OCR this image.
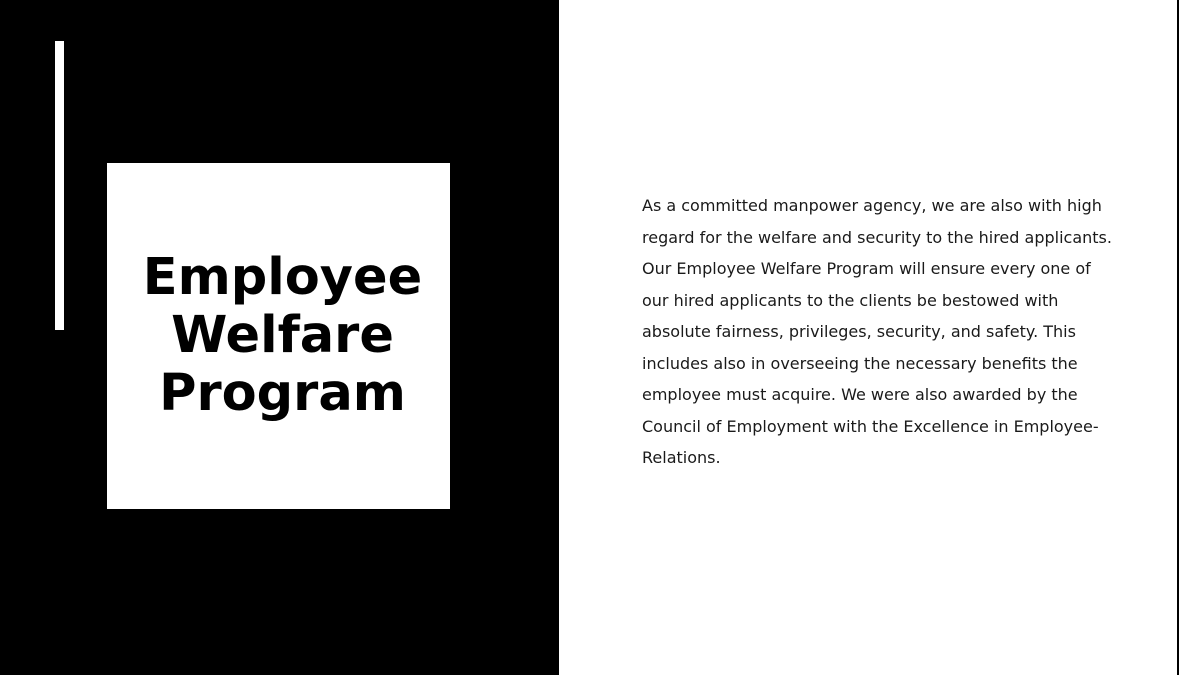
Employee
Welfare
Program

As a committed manpower agency, we are also with high regard for the welfare and security to the hired applicants. Our Employee Welfare Program will ensure every one of our hired applicants to the clients be bestowed with absolute fairness, privileges, security, and safety. This includes also in overseeing the necessary benefits the employee must acquire. We were also awarded by the Council of Employment with the Excellence in Employee-Relations.
